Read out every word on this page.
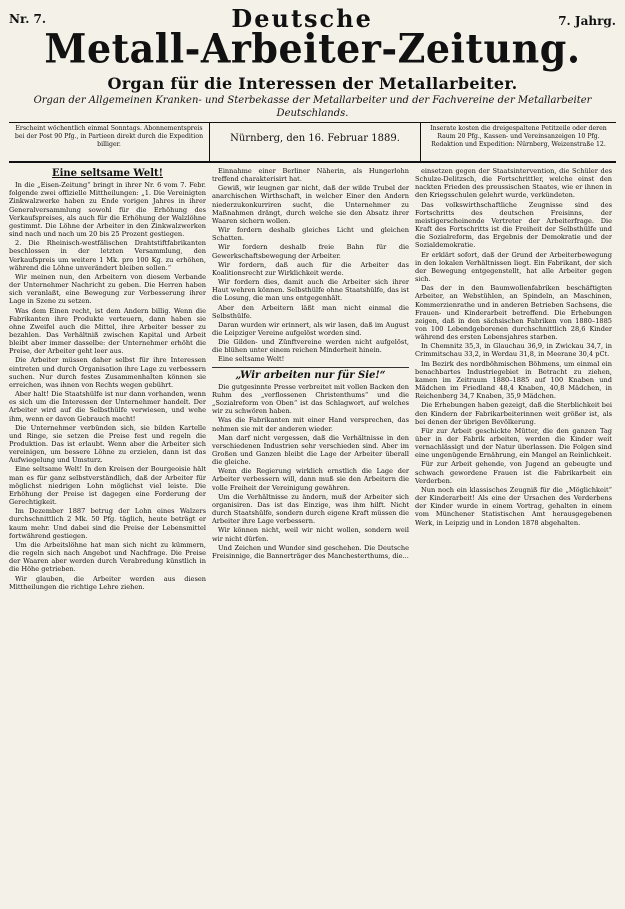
Nr. 7.	Deutsche	7. Jahrg.
Metall-Arbeiter-Zeitung.
Organ für die Interessen der Metallarbeiter.
Organ der Allgemeinen Kranken- und Sterbekasse der Metallarbeiter und der Fachvereine der Metallarbeiter Deutschlands.
Erscheint wöchentlich einmal Sonntags. Abonnementspreis bei der Post 90 Pfg., in Partieen direkt durch die Expedition billiger.
Nürnberg, den 16. Februar 1889.
Inserate kosten die dreigespaltene Petitzeile oder deren Raum 20 Pfg., Kassen- und Vereinsanzeigen 10 Pfg. Redaktion und Expedition: Nürnberg, Weizenstraße 12.
Eine seltsame Welt!

In die „Eisen-Zeitung“ bringt in ihrer Nr. 6 vom 7. Febr. folgende zwei offizielle Mittheilungen: „1. Die Vereinigten Zinkwalzwerke haben zu Ende vorigen Jahres in ihrer Generalversammlung sowohl für die Erhöhung des Verkaufspreises, als auch für die Erhöhung der Walzlöhne gestimmt. Die Löhne der Arbeiter in den Zinkwalzwerken sind nach und nach um 20 bis 25 Prozent gestiegen.

2. Die Rheinisch-westfälischen Drahtstiftfabrikanten beschlossen in der letzten Versammlung, den Verkaufspreis um weitere 1 Mk. pro 100 Kg. zu erhöhen, während die Löhne unverändert bleiben sollen.“

Wir meinen nun, den Arbeitern von diesem Verbande der Unternehmer Nachricht zu geben. Die Herren haben sich veranlaßt, eine Bewegung zur Verbesserung ihrer Lage in Szene zu setzen.

Was dem Einen recht, ist dem Andern billig. Wenn die Fabrikanten ihre Produkte verteuern, dann haben sie ohne Zweifel auch die Mittel, ihre Arbeiter besser zu bezahlen. Das Verhältniß zwischen Kapital und Arbeit bleibt aber immer dasselbe: der Unternehmer erhöht die Preise, der Arbeiter geht leer aus.

Die Arbeiter müssen daher selbst für ihre Interessen eintreten und durch Organisation ihre Lage zu verbessern suchen. Nur durch festes Zusammenhalten können sie erreichen, was ihnen von Rechts wegen gebührt.

Aber halt! Die Staatshülfe ist nur dann vorhanden, wenn es sich um die Interessen der Unternehmer handelt. Der Arbeiter wird auf die Selbsthülfe verwiesen, und wehe ihm, wenn er davon Gebrauch macht!

Die Unternehmer verbünden sich, sie bilden Kartelle und Ringe, sie setzen die Preise fest und regeln die Produktion. Das ist erlaubt. Wenn aber die Arbeiter sich vereinigen, um bessere Löhne zu erzielen, dann ist das Aufwiegelung und Umsturz.

Eine seltsame Welt! In den Kreisen der Bourgeoisie hält man es für ganz selbstverständlich, daß der Arbeiter für möglichst niedrigen Lohn möglichst viel leiste. Die Erhöhung der Preise ist dagegen eine Forderung der Gerechtigkeit.

Im Dezember 1887 betrug der Lohn eines Walzers durchschnittlich 2 Mk. 50 Pfg. täglich, heute beträgt er kaum mehr. Und dabei sind die Preise der Lebensmittel fortwährend gestiegen.

Um die Arbeitslöhne hat man sich nicht zu kümmern, die regeln sich nach Angebot und Nachfrage. Die Preise der Waaren aber werden durch Verabredung künstlich in die Höhe getrieben.

Wir glauben, die Arbeiter werden aus diesen Mittheilungen die richtige Lehre ziehen.

Einnahme einer Berliner Näherin, als Hungerlohn treffend charakterisirt hat.

Gewiß, wir leugnen gar nicht, daß der wilde Trubel der anarchischen Wirthschaft, in welcher Einer den Andern niederzukonkurriren sucht, die Unternehmer zu Maßnahmen drängt, durch welche sie den Absatz ihrer Waaren sichern wollen.

Wir fordern deshalb gleiches Licht und gleichen Schatten.

Wir fordern deshalb freie Bahn für die Gewerkschaftsbewegung der Arbeiter.

Wir fordern, daß auch für die Arbeiter das Koalitionsrecht zur Wirklichkeit werde.

Wir fordern dies, damit auch die Arbeiter sich ihrer Haut wehren können. Selbsthülfe ohne Staatshülfe, das ist die Losung, die man uns entgegenhält.

Aber den Arbeitern läßt man nicht einmal die Selbsthülfe.

Daran wurden wir erinnert, als wir lasen, daß im August die Leipziger Vereine aufgelöst worden sind.

Die Gilden- und Zünftvereine werden nicht aufgelöst, die blühen unter einem reichen Minderheit hinein.

Eine seltsame Welt!

„Wir arbeiten nur für Sie!“

Die gutgesinnte Presse verbreitet mit vollen Backen den Ruhm des „verflossenen Christenthums“ und die „Sozialreform von Oben“ ist das Schlagwort, auf welches wir zu schwören haben.

Was die Fabrikanten mit einer Hand versprechen, das nehmen sie mit der anderen wieder.

Man darf nicht vergessen, daß die Verhältnisse in den verschiedenen Industrien sehr verschieden sind. Aber im Großen und Ganzen bleibt die Lage der Arbeiter überall die gleiche.

Wenn die Regierung wirklich ernstlich die Lage der Arbeiter verbessern will, dann muß sie den Arbeitern die volle Freiheit der Vereinigung gewähren.

Um die Verhältnisse zu ändern, muß der Arbeiter sich organisiren. Das ist das Einzige, was ihm hilft. Nicht durch Staatshülfe, sondern durch eigene Kraft müssen die Arbeiter ihre Lage verbessern.

Wir können nicht, weil wir nicht wollen, sondern weil wir nicht dürfen.

Und Zeichen und Wunder sind geschehen. Die Deutsche Freisinnige, die Bannerträger des Manchesterthums, die...

einsetzen gegen der Staatsintervention, die Schüler des Schulze-Delitzsch, die Fortschrittler, welche einst den nackten Frieden des preussischen Staates, wie er ihnen in den Kriegsschulen gelehrt wurde, verkündeten.

Das volkswirthschaftliche Zeugnisse sind des Fortschritts des deutschen Freisinns, der meistigerscheinende Vertreter der Arbeiterfrage. Die Kraft des Fortschritts ist die Freiheit der Selbsthülfe und die Sozialreform, das Ergebnis der Demokratie und der Sozialdemokratie.

Er erklärt sofort, daß der Grund der Arbeiterbewegung in den lokalen Verhältnissen liegt. Ein Fabrikant, der sich der Bewegung entgegenstellt, hat alle Arbeiter gegen sich.

Das der in den Baumwollenfabriken beschäftigten Arbeiter, an Webstühlen, an Spindeln, an Maschinen, Kommerzienrathe und in anderen Betrieben Sachsens, die Frauen- und Kinderarbeit betreffend. Die Erhebungen zeigen, daß in den sächsischen Fabriken von 1880–1885 von 100 Lebendgeborenen durchschnittlich 28,6 Kinder während des ersten Lebensjahres starben.

In Chemnitz 35,3, in Glauchau 36,9, in Zwickau 34,7, in Crimmitschau 33,2, in Werdau 31,8, in Meerane 30,4 pCt.

Im Bezirk des nordböhmischen Böhmens, um einmal ein benachbartes Industriegebiet in Betracht zu ziehen, kamen im Zeitraum 1880–1885 auf 100 Knaben und Mädchen im Friedland 48,4 Knaben, 40,8 Mädchen, in Reichenberg 34,7 Knaben, 35,9 Mädchen.

Die Erhebungen haben gezeigt, daß die Sterblichkeit bei den Kindern der Fabrikarbeiterinnen weit größer ist, als bei denen der übrigen Bevölkerung.

Für zur Arbeit geschickte Mütter, die den ganzen Tag über in der Fabrik arbeiten, werden die Kinder weit vernachlässigt und der Natur überlassen. Die Folgen sind eine ungenügende Ernährung, ein Mangel an Reinlichkeit.

Für zur Arbeit gehende, von Jugend an gebeugte und schwach gewordene Frauen ist die Fabrikarbeit ein Verderben.

Nun noch ein klassisches Zeugniß für die „Möglichkeit“ der Kinderarbeit! Als eine der Ursachen des Verderbens der Kinder wurde in einem Vortrag, gehalten in einem vom Münchener Statistischen Amt herausgegebenen Werk, in Leipzig und in London 1878 abgehalten.
